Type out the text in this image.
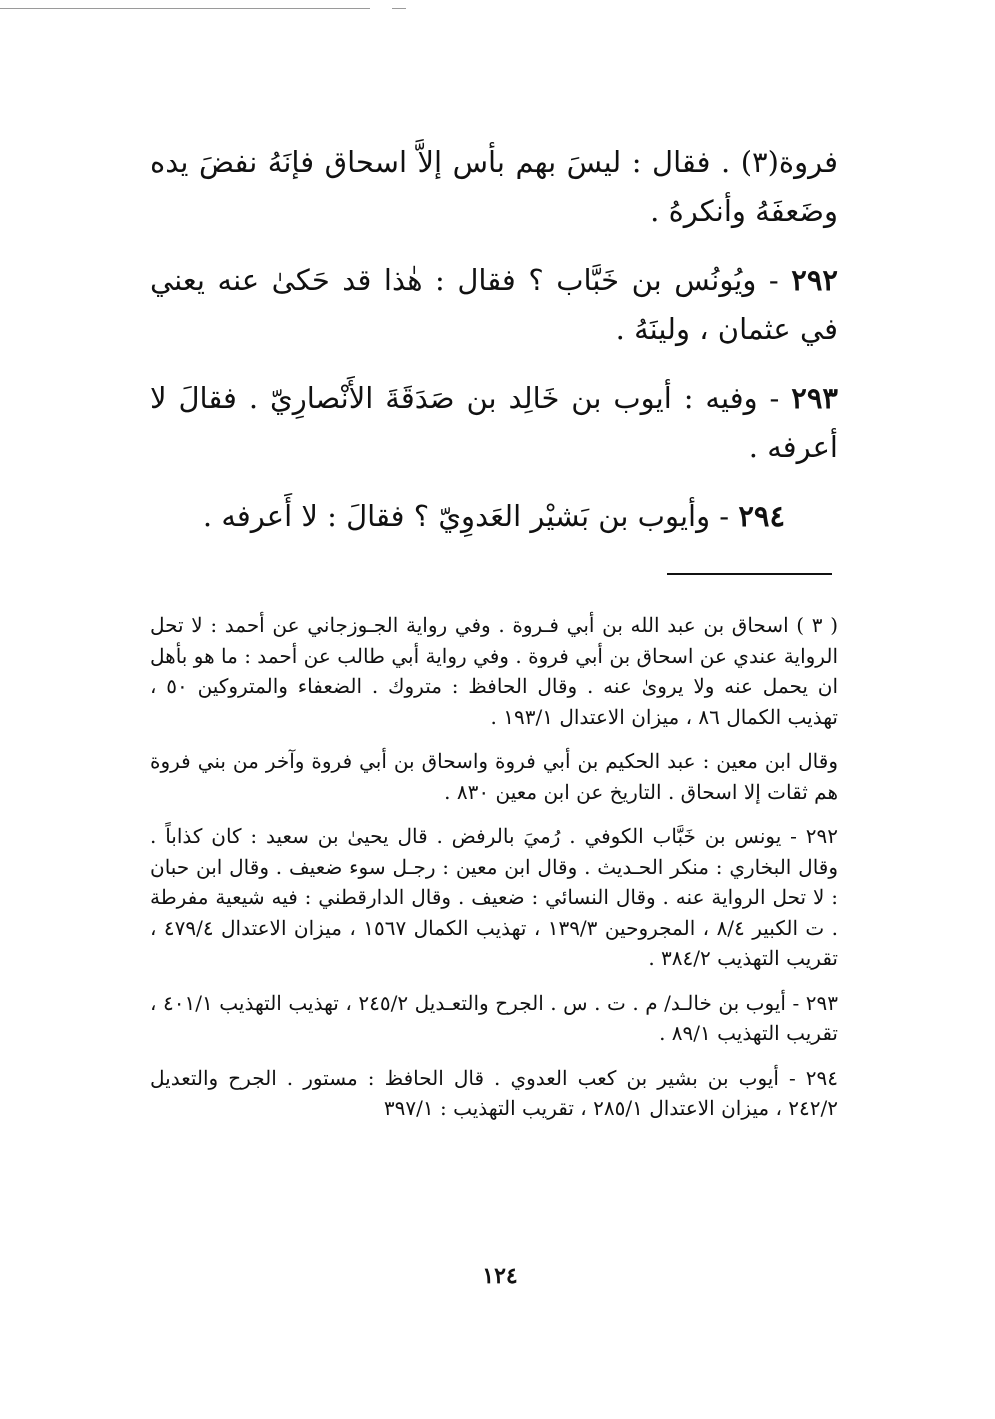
فروة(٣) . فقال : ليسَ بهم بأس إلاَّ اسحاق فإنَهُ نفضَ يده وضَعفَهُ وأنكرهُ .

٢٩٢ - ويُونُس بن خَبَّاب ؟ فقال : هٰذا قد حَكىٰ عنه يعني في عثمان ، ولينَهُ .

٢٩٣ - وفيه : أيوب بن خَالِد بن صَدَقَةَ الأَنْصارِيّ . فقالَ لا أعرفه .

٢٩٤ - وأيوب بن بَشيْر العَدوِيّ ؟ فقالَ : لا أَعرفه .

( ٣ ) اسحاق بن عبد الله بن أبي فـروة . وفي رواية الجـوزجاني عن أحمد : لا تحل الرواية عندي عن اسحاق بن أبي فروة . وفي رواية أبي طالب عن أحمد : ما هو بأهل ان يحمل عنه ولا يروىٰ عنه . وقال الحافظ : متروك . الضعفاء والمتروكين ٥٠ ، تهذيب الكمال ٨٦ ، ميزان الاعتدال ١٩٣/١ .

وقال ابن معين : عبد الحكيم بن أبي فروة واسحاق بن أبي فروة وآخر من بني فروة هم ثقات إلا اسحاق . التاريخ عن ابن معين ٨٣٠ .

٢٩٢ - يونس بن خَبَّاب الكوفي . رُميَ بالرفض . قال يحيىٰ بن سعيد : كان كذاباً . وقال البخاري : منكر الحـديث . وقال ابن معين : رجـل سوء ضعيف . وقال ابن حبان : لا تحل الرواية عنه . وقال النسائي : ضعيف . وقال الدارقطني : فيه شيعية مفرطة . ت الكبير ٨/٤ ، المجروحين ١٣٩/٣ ، تهذيب الكمال ١٥٦٧ ، ميزان الاعتدال ٤٧٩/٤ ، تقريب التهذيب ٣٨٤/٢ .

٢٩٣ - أيوب بن خالـد/ م . ت . س . الجرح والتعـديل ٢٤٥/٢ ، تهذيب التهذيب ٤٠١/١ ، تقريب التهذيب ٨٩/١ .

٢٩٤ - أيوب بن بشير بن كعب العدوي . قال الحافظ : مستور . الجرح والتعديل ٢٤٢/٢ ، ميزان الاعتدال ٢٨٥/١ ، تقريب التهذيب : ٣٩٧/١

١٢٤
